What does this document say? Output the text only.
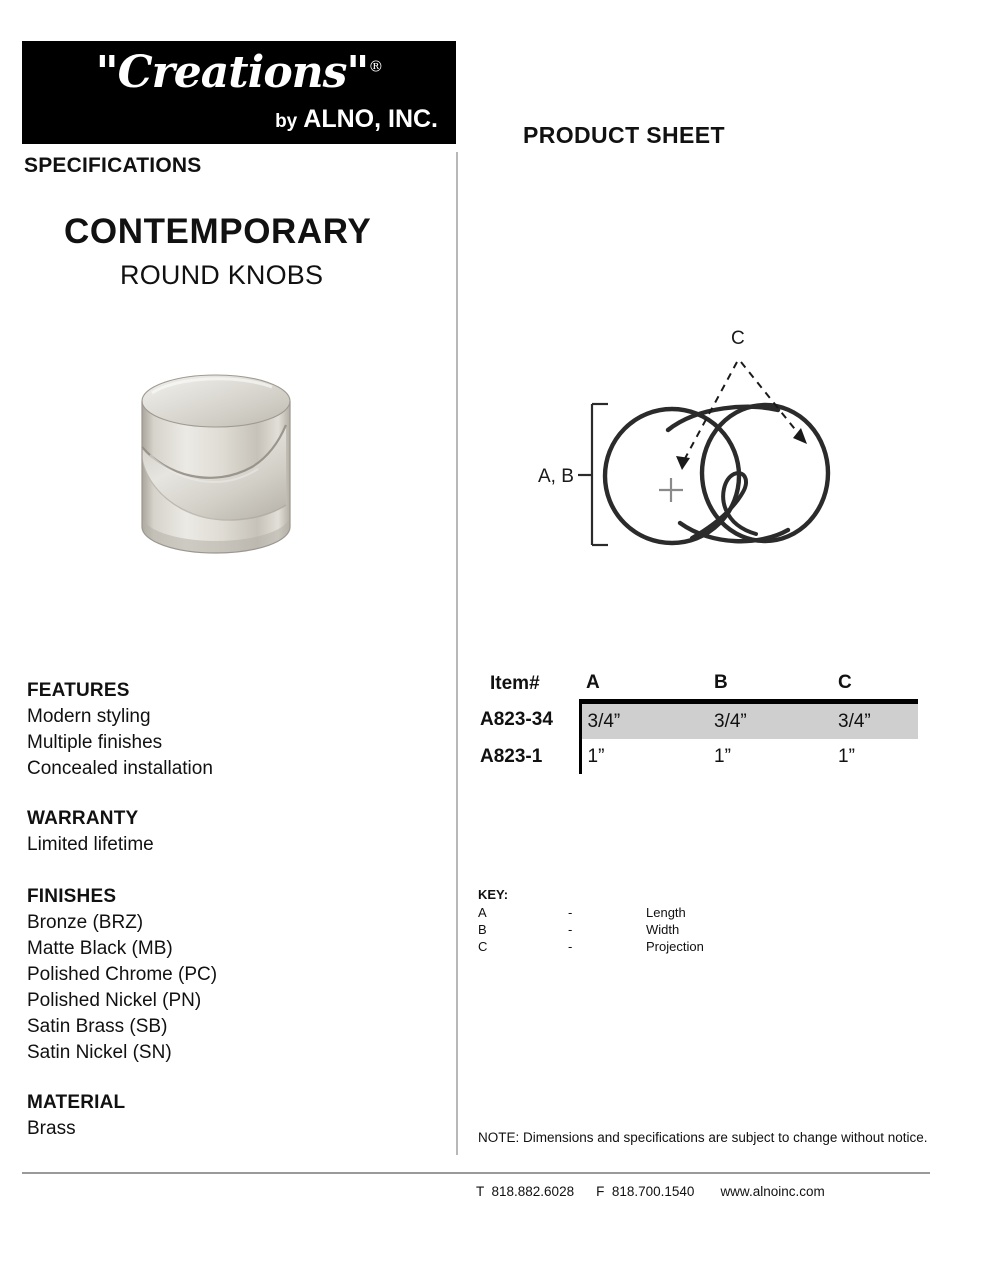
"Creations"®
by ALNO, INC.
PRODUCT SHEET
SPECIFICATIONS
CONTEMPORARY
ROUND KNOBS
A, B
C
FEATURES
Modern styling
Multiple finishes
Concealed installation
WARRANTY
Limited lifetime
FINISHES
Bronze (BRZ)
Matte Black (MB)
Polished Chrome (PC)
Polished Nickel (PN)
Satin Brass (SB)
Satin Nickel (SN)
MATERIAL
Brass
Item#	A	B	C
A823-34	3/4”	3/4”	3/4”
A823-1	1”	1”	1”
KEY:
A	-	Length
B	-	Width
C	-	Projection
NOTE: Dimensions and specifications are subject to change without notice.
T  818.882.6028 F  818.700.1540 www.alnoinc.com
